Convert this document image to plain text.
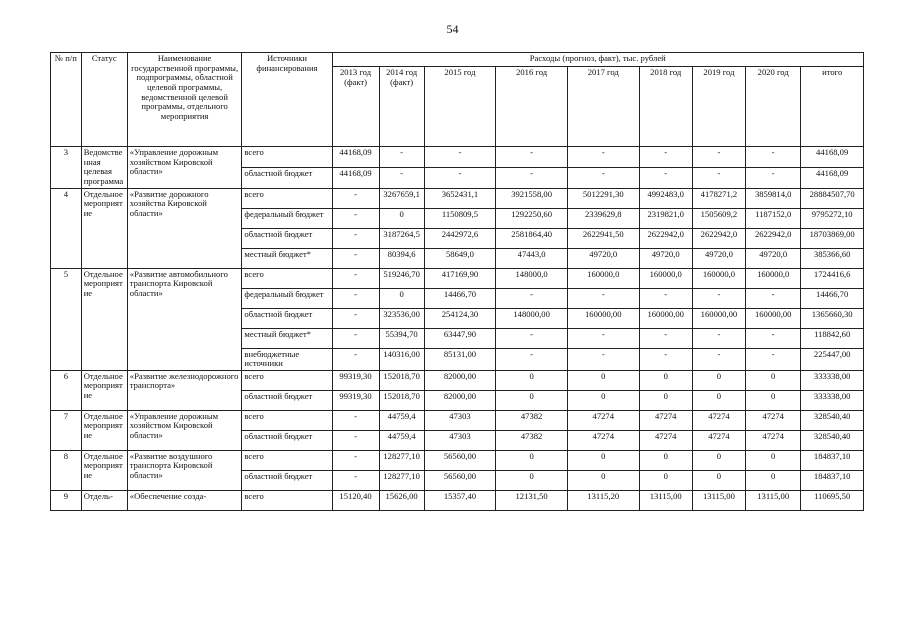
54
№ п/п	Статус	Наименование государственной программы, подпрограммы, областной целевой программы, ведомственной целевой программы, отдельного мероприятия	Источники финансирования	Расходы (прогноз, факт), тыс. рублей								
				2013 год (факт)	2014 год (факт)	2015 год	2016 год	2017 год	2018 год	2019 год	2020 год	итого
3	Ведомственная целевая программа	«Управление дорожным хозяйством Кировской области»	всего	44168,09	-	-	-	-	-	-	-	44168,09
			областной бюджет	44168,09	-	-	-	-	-	-	-	44168,09
4	Отдельное мероприятие	«Развитие дорожного хозяйства Кировской области»	всего	-	3267659,1	3652431,1	3921558,00	5012291,30	4992483,0	4178271,2	3859814,0	28884507,70
			федеральный бюджет	-	0	1150809,5	1292250,60	2339629,8	2319821,0	1505609,2	1187152,0	9795272,10
			областной бюджет	-	3187264,5	2442972,6	2581864,40	2622941,50	2622942,0	2622942,0	2622942,0	18703869,00
			местный бюджет*	-	80394,6	58649,0	47443,0	49720,0	49720,0	49720,0	49720,0	385366,60
5	Отдельное мероприятие	«Развитие автомобильного транспорта Кировской области»	всего	-	519246,70	417169,90	148000,0	160000,0	160000,0	160000,0	160000,0	1724416,6
			федеральный бюджет	-	0	14466,70	-	-	-	-	-	14466,70
			областной бюджет	-	323536,00	254124,30	148000,00	160000,00	160000,00	160000,00	160000,00	1365660,30
			местный бюджет*	-	55394,70	63447,90	-	-	-	-	-	118842,60
			внебюджетные источники	-	140316,00	85131,00	-	-	-	-	-	225447,00
6	Отдельное мероприятие	«Развитие железнодорожного транспорта»	всего	99319,30	152018,70	82000,00	0	0	0	0	0	333338,00
			областной бюджет	99319,30	152018,70	82000,00	0	0	0	0	0	333338,00
7	Отдельное мероприятие	«Управление дорожным хозяйством Кировской области»	всего	-	44759,4	47303	47382	47274	47274	47274	47274	328540,40
			областной бюджет	-	44759,4	47303	47382	47274	47274	47274	47274	328540,40
8	Отдельное мероприятие	«Развитие воздушного транспорта Кировской области»	всего	-	128277,10	56560,00	0	0	0	0	0	184837,10
			областной бюджет	-	128277,10	56560,00	0	0	0	0	0	184837,10
9	Отдель-	«Обеспечение созда-	всего	15120,40	15626,00	15357,40	12131,50	13115,20	13115,00	13115,00	13115,00	110695,50
